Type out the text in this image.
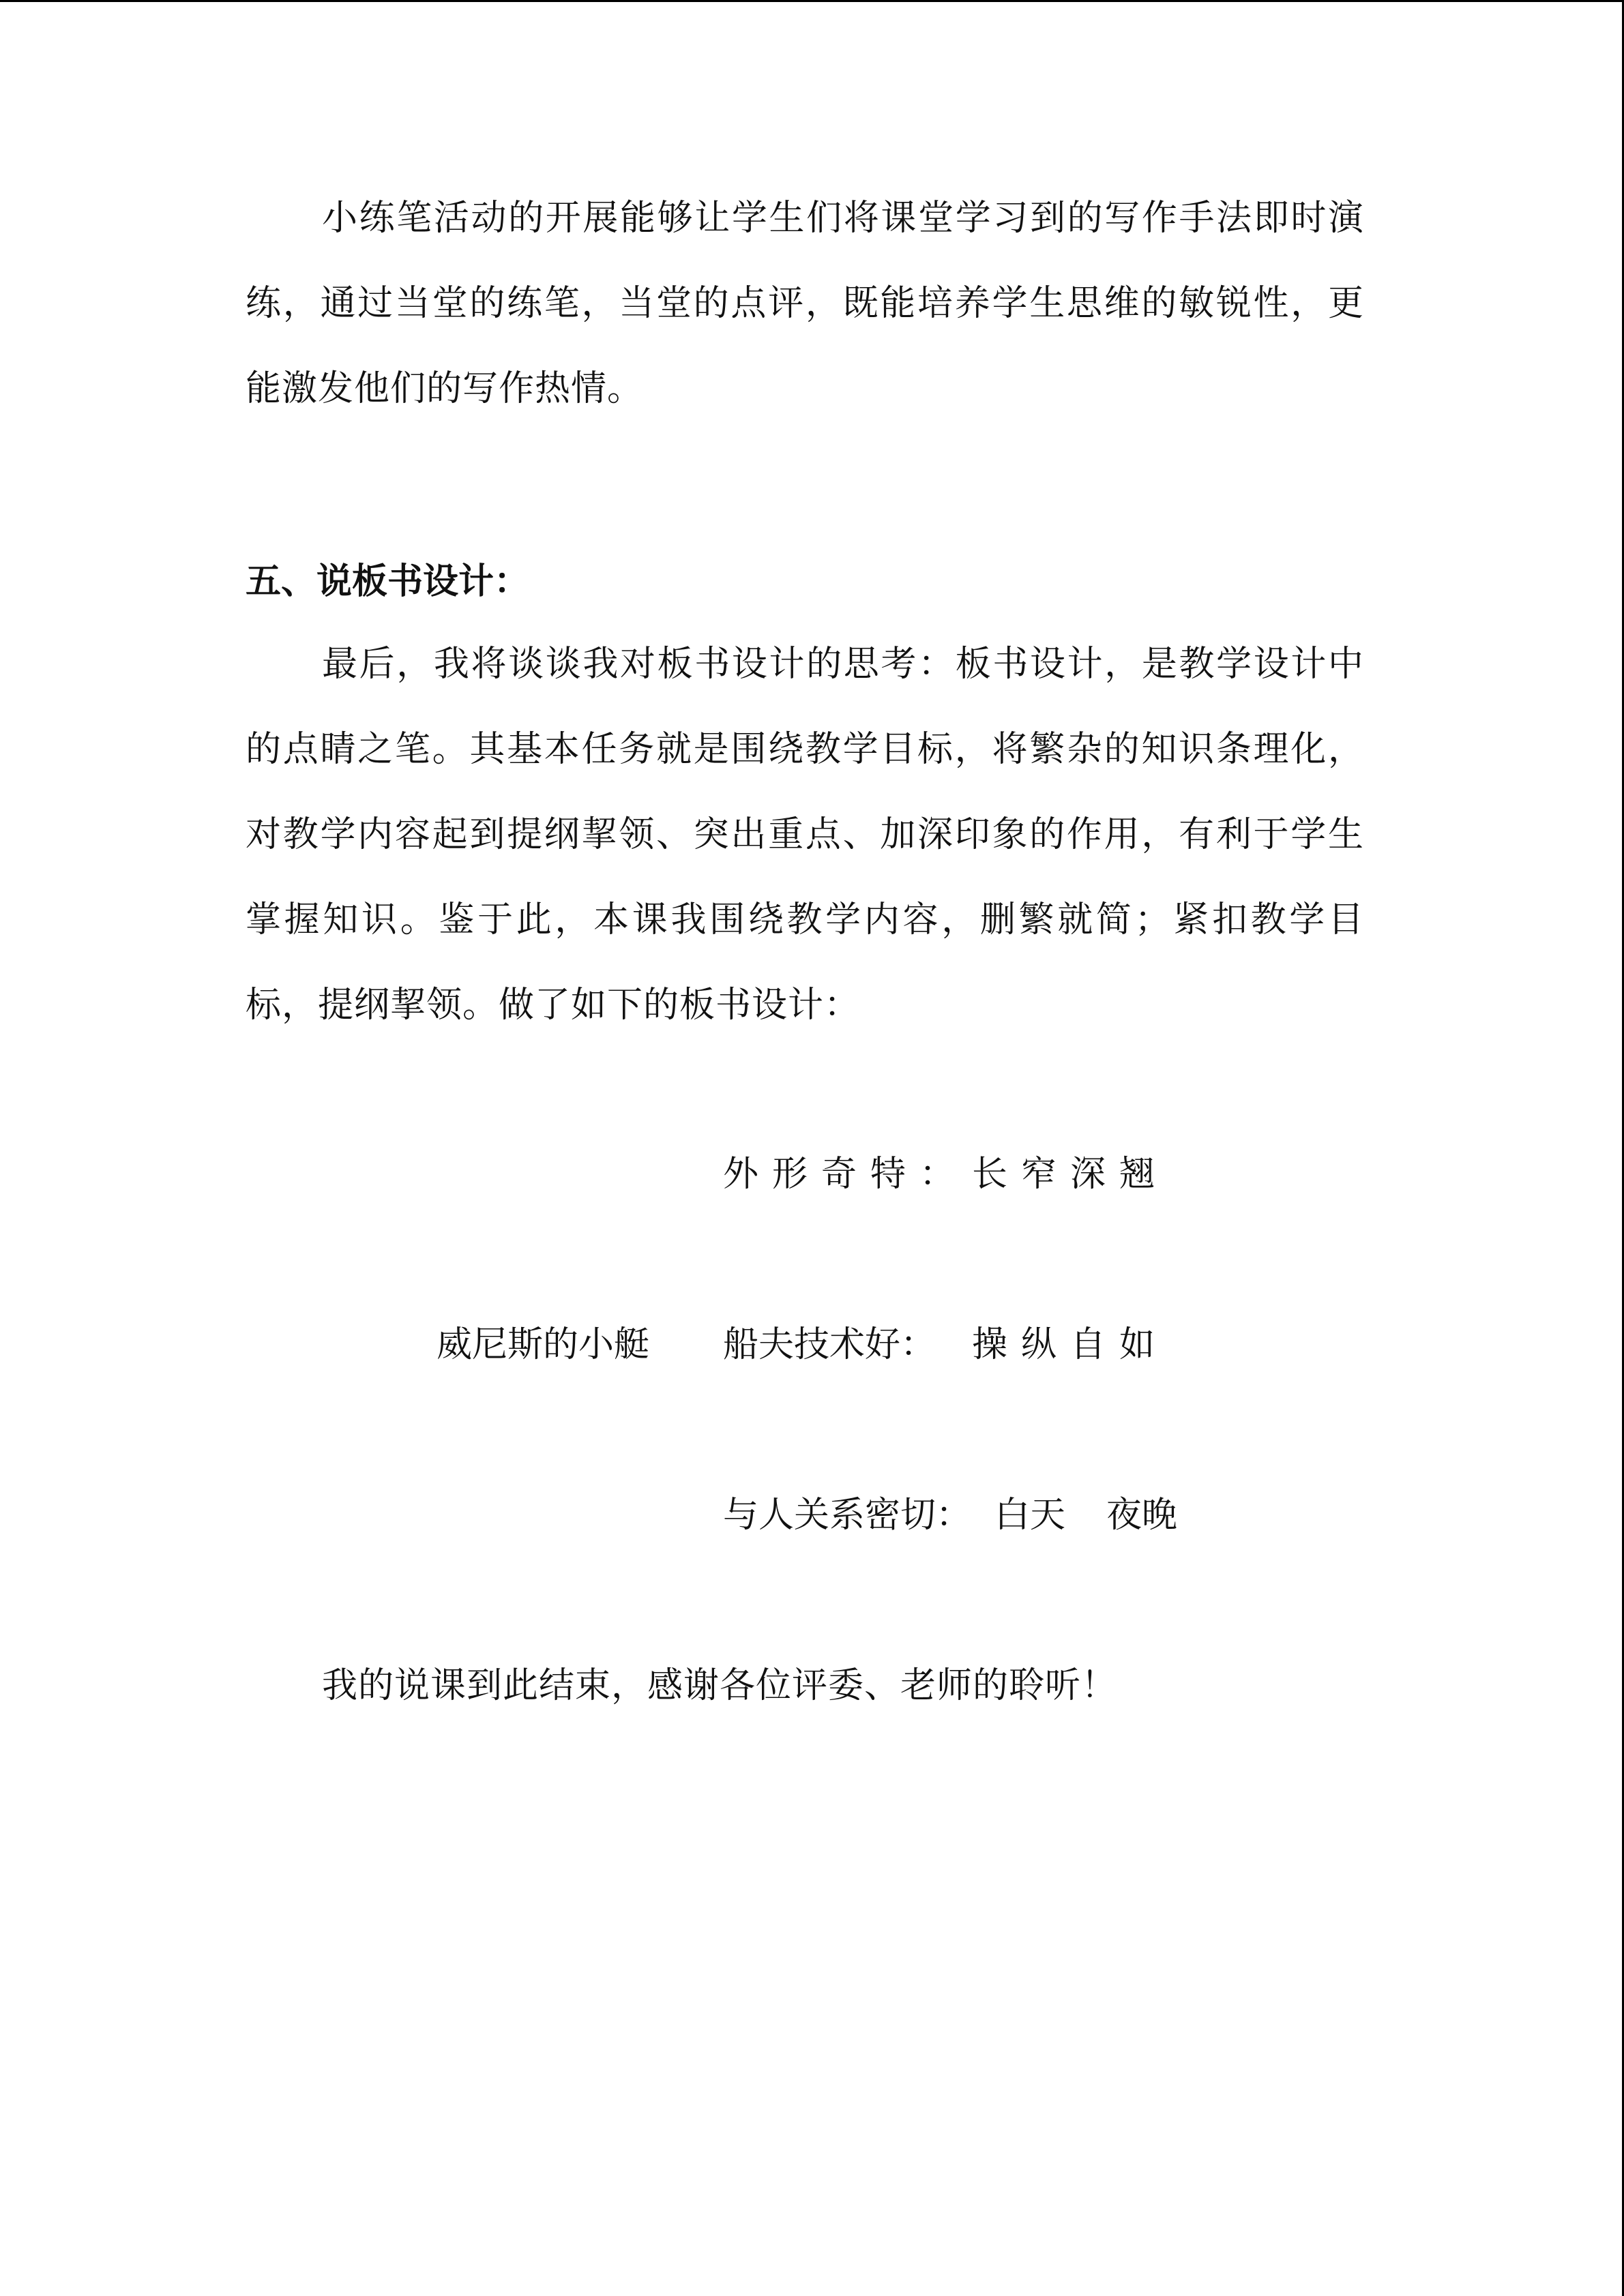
小练笔活动的开展能够让学生们将课堂学习到的写作手法即时演练，通过当堂的练笔，当堂的点评，既能培养学生思维的敏锐性，更能激发他们的写作热情。

五、说板书设计：

最后，我将谈谈我对板书设计的思考：板书设计，是教学设计中的点睛之笔。其基本任务就是围绕教学目标，将繁杂的知识条理化，对教学内容起到提纲挈领、突出重点、加深印象的作用，有利于学生掌握知识。鉴于此，本课我围绕教学内容，删繁就简；紧扣教学目标，提纲挈领。做了如下的板书设计：

外形奇特： 长窄深翘
威尼斯的小艇 船夫技术好： 操纵自如
与人关系密切： 白天 夜晚

我的说课到此结束，感谢各位评委、老师的聆听！
